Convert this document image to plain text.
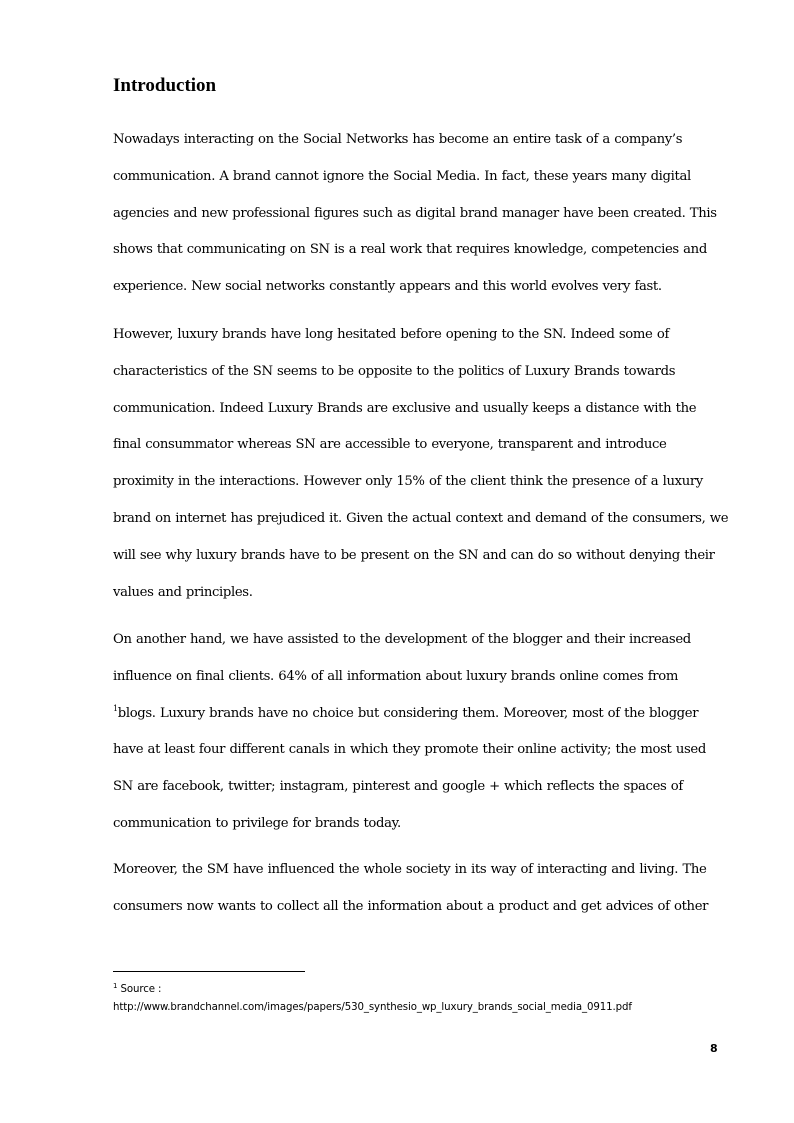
Introduction

Nowadays interacting on the Social Networks has become an entire task of a company’s
communication. A brand cannot ignore the Social Media. In fact, these years many digital
agencies and new professional figures such as digital brand manager have been created. This
shows that communicating on SN is a real work that requires knowledge, competencies and
experience. New social networks constantly appears and this world evolves very fast.

However, luxury brands have long hesitated before opening to the SN. Indeed some of
characteristics of the SN seems to be opposite to the politics of Luxury Brands towards
communication. Indeed Luxury Brands are exclusive and usually keeps a distance with the
final consummator whereas SN are accessible to everyone, transparent and introduce
proximity in the interactions. However only 15% of the client think the presence of a luxury
brand on internet has prejudiced it. Given the actual context and demand of the consumers, we
will see why luxury brands have to be present on the SN and can do so without denying their
values and principles.

On another hand, we have assisted to the development of the blogger and their increased
influence on final clients. 64% of all information about luxury brands online comes from
$^1$blogs. Luxury brands have no choice but considering them. Moreover, most of the blogger
have at least four different canals in which they promote their online activity; the most used
SN are facebook, twitter; instagram, pinterest and google + which reflects the spaces of
communication to privilege for brands today.

Moreover, the SM have influenced the whole society in its way of interacting and living. The
consumers now wants to collect all the information about a product and get advices of other

$^1$ Source :
http://www.brandchannel.com/images/papers/530_synthesio_wp_luxury_brands_social_media_0911.pdf
8
